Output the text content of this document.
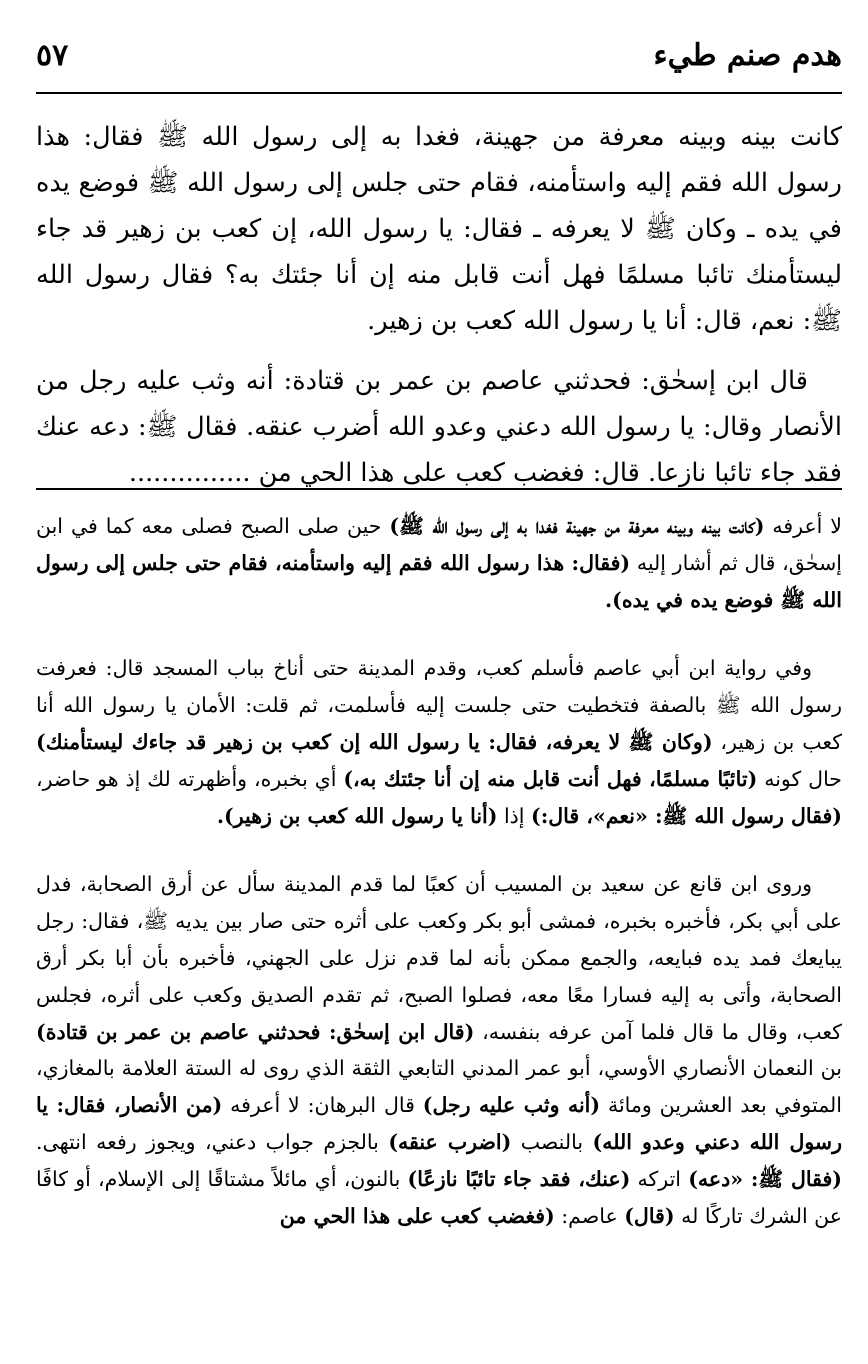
هدم صنم طيء
٥٧

كانت بينه وبينه معرفة من جهينة، فغدا به إلى رسول الله ﷺ فقال: هذا رسول الله فقم إليه واستأمنه، فقام حتى جلس إلى رسول الله ﷺ فوضع يده في يده ـ وكان ﷺ لا يعرفه ـ فقال: يا رسول الله، إن كعب بن زهير قد جاء ليستأمنك تائبا مسلمًا فهل أنت قابل منه إن أنا جئتك به؟ فقال رسول الله ﷺ: نعم، قال: أنا يا رسول الله كعب بن زهير.

قال ابن إسحٰق: فحدثني عاصم بن عمر بن قتادة: أنه وثب عليه رجل من الأنصار وقال: يا رسول الله دعني وعدو الله أضرب عنقه. فقال ﷺ: دعه عنك فقد جاء تائبا نازعا. قال: فغضب كعب على هذا الحي من ...............

لا أعرفه (كانت بينه وبينه معرفة من جهينة فغدا به إلى رسول الله ﷺ) حين صلى الصبح فصلى معه كما في ابن إسحٰق، قال ثم أشار إليه (فقال: هذا رسول الله فقم إليه واستأمنه، فقام حتى جلس إلى رسول الله ﷺ فوضع يده في يده).

وفي رواية ابن أبي عاصم فأسلم كعب، وقدم المدينة حتى أناخ بباب المسجد قال: فعرفت رسول الله ﷺ بالصفة فتخطيت حتى جلست إليه فأسلمت، ثم قلت: الأمان يا رسول الله أنا كعب بن زهير، (وكان ﷺ لا يعرفه، فقال: يا رسول الله إن كعب بن زهير قد جاءك ليستأمنك) حال كونه (تائبًا مسلمًا، فهل أنت قابل منه إن أنا جئتك به،) أي بخبره، وأظهرته لك إذ هو حاضر، (فقال رسول الله ﷺ: «نعم»، قال:) إذا (أنا يا رسول الله كعب بن زهير).

وروى ابن قانع عن سعيد بن المسيب أن كعبًا لما قدم المدينة سأل عن أرق الصحابة، فدل على أبي بكر، فأخبره بخبره، فمشى أبو بكر وكعب على أثره حتى صار بين يديه ﷺ، فقال: رجل يبايعك فمد يده فبايعه، والجمع ممكن بأنه لما قدم نزل على الجهني، فأخبره بأن أبا بكر أرق الصحابة، وأتى به إليه فسارا معًا معه، فصلوا الصبح، ثم تقدم الصديق وكعب على أثره، فجلس كعب، وقال ما قال فلما آمن عرفه بنفسه، (قال ابن إسحٰق: فحدثني عاصم بن عمر بن قتادة) بن النعمان الأنصاري الأوسي، أبو عمر المدني التابعي الثقة الذي روى له الستة العلامة بالمغازي، المتوفي بعد العشرين ومائة (أنه وثب عليه رجل) قال البرهان: لا أعرفه (من الأنصار، فقال: يا رسول الله دعني وعدو الله) بالنصب (اضرب عنقه) بالجزم جواب دعني، ويجوز رفعه انتهى. (فقال ﷺ: «دعه) اتركه (عنك، فقد جاء تائبًا نازعًا) بالنون، أي مائلاً مشتاقًا إلى الإسلام، أو كافًا عن الشرك تاركًا له (قال) عاصم: (فغضب كعب على هذا الحي من
